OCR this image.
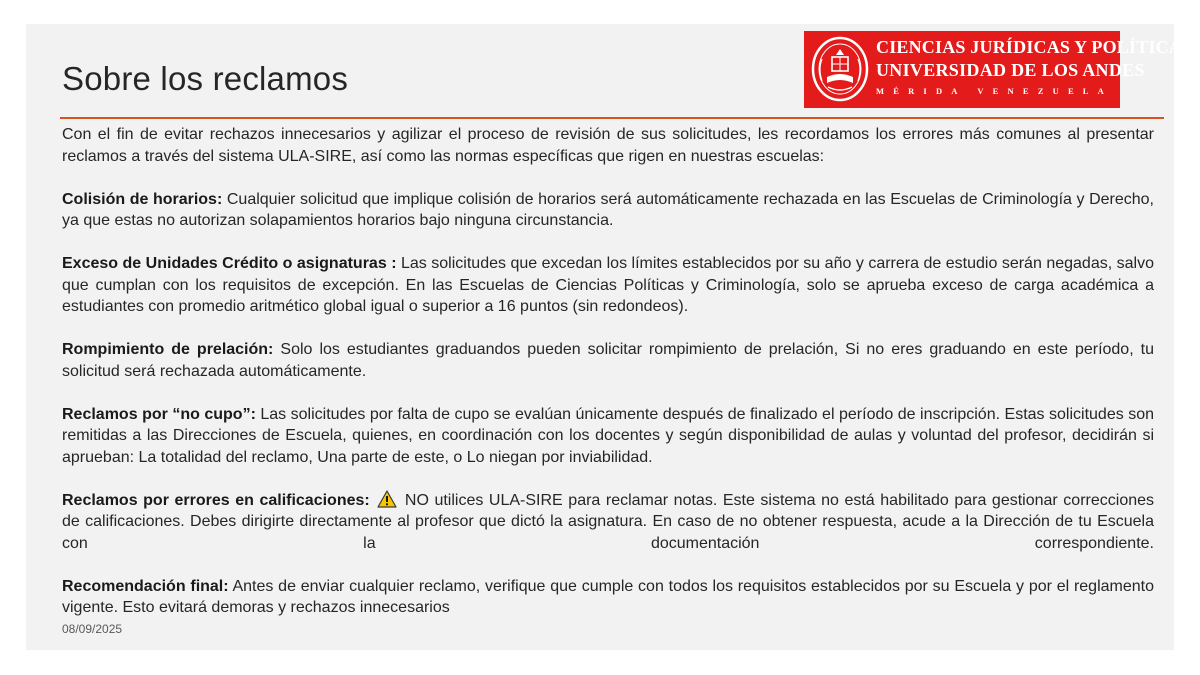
Sobre los reclamos
CIENCIAS JURÍDICAS Y POLÍTICAS
UNIVERSIDAD DE LOS ANDES
MÉRIDA VENEZUELA

Con el fin de evitar rechazos innecesarios y agilizar el proceso de revisión de sus solicitudes, les recordamos los errores más comunes al presentar reclamos a través del sistema ULA-SIRE, así como las normas específicas que rigen en nuestras escuelas:

Colisión de horarios: Cualquier solicitud que implique colisión de horarios será automáticamente rechazada en las Escuelas de Criminología y Derecho, ya que estas no autorizan solapamientos horarios bajo ninguna circunstancia.

Exceso de Unidades Crédito o asignaturas : Las solicitudes que excedan los límites establecidos por su año y carrera de estudio serán negadas, salvo que cumplan con los requisitos de excepción. En las Escuelas de Ciencias Políticas y Criminología, solo se aprueba exceso de carga académica a estudiantes con promedio aritmético global igual o superior a 16 puntos (sin redondeos).

Rompimiento de prelación: Solo los estudiantes graduandos pueden solicitar rompimiento de prelación, Si no eres graduando en este período, tu solicitud será rechazada automáticamente.

Reclamos por “no cupo”: Las solicitudes por falta de cupo se evalúan únicamente después de finalizado el período de inscripción. Estas solicitudes son remitidas a las Direcciones de Escuela, quienes, en coordinación con los docentes y según disponibilidad de aulas y voluntad del profesor, decidirán si aprueban: La totalidad del reclamo, Una parte de este, o Lo niegan por inviabilidad.

Reclamos por errores en calificaciones: NO utilices ULA-SIRE para reclamar notas. Este sistema no está habilitado para gestionar correcciones de calificaciones. Debes dirigirte directamente al profesor que dictó la asignatura. En caso de no obtener respuesta, acude a la Dirección de tu Escuela con la documentación correspondiente.

Recomendación final: Antes de enviar cualquier reclamo, verifique que cumple con todos los requisitos establecidos por su Escuela y por el reglamento vigente. Esto evitará demoras y rechazos innecesarios

08/09/2025
